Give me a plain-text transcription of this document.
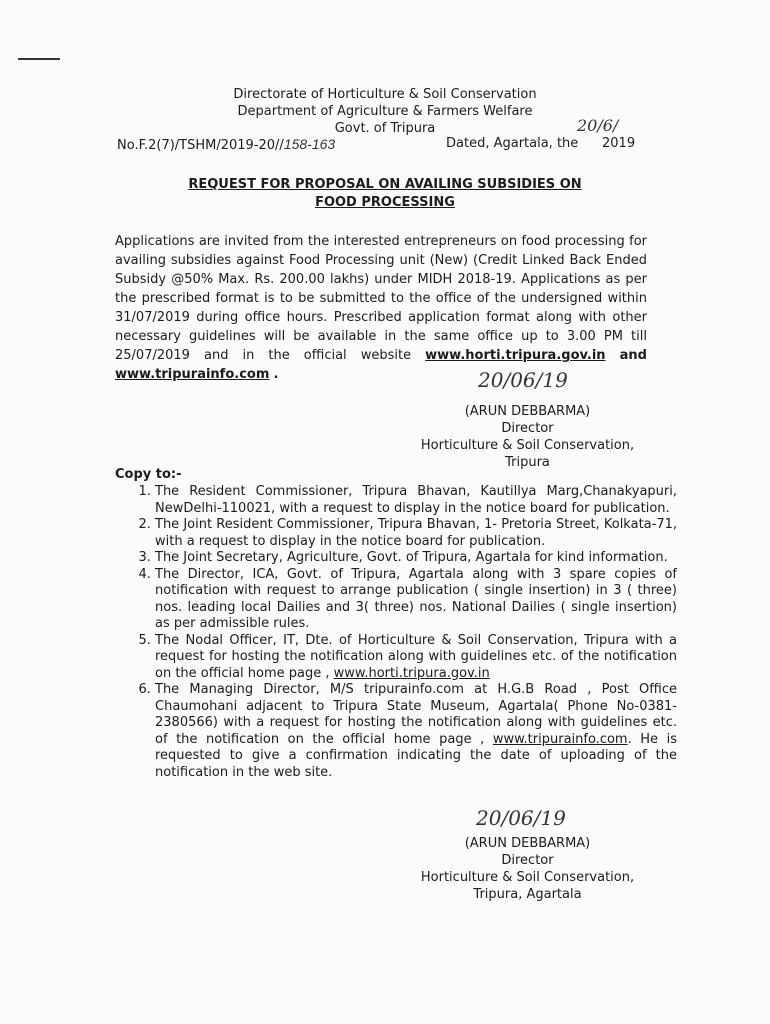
Directorate of Horticulture & Soil Conservation
Department of Agriculture & Farmers Welfare
Govt. of Tripura
No.F.2(7)/TSHM/2019-20//158-163	Dated, Agartala, the
20/6/
2019
REQUEST FOR PROPOSAL ON AVAILING SUBSIDIES ON
FOOD PROCESSING
Applications are invited from the interested entrepreneurs on food processing for availing subsidies against Food Processing unit (New) (Credit Linked Back Ended Subsidy @50% Max. Rs. 200.00 lakhs) under MIDH 2018-19. Applications as per the prescribed format is to be submitted to the office of the undersigned within 31/07/2019 during office hours. Prescribed application format along with other necessary guidelines will be available in the same office up to 3.00 PM till 25/07/2019 and in the official website www.horti.tripura.gov.in and www.tripurainfo.com .	20/06/19
(ARUN DEBBARMA)
Director
Horticulture & Soil Conservation,
Tripura
Copy to:-
1. The Resident Commissioner, Tripura Bhavan, Kautillya Marg,Chanakyapuri, NewDelhi-110021, with a request to display in the notice board for publication.
2. The Joint Resident Commissioner, Tripura Bhavan, 1- Pretoria Street, Kolkata-71, with a request to display in the notice board for publication.
3. The Joint Secretary, Agriculture, Govt. of Tripura, Agartala for kind information.
4. The Director, ICA, Govt. of Tripura, Agartala along with 3 spare copies of notification with request to arrange publication ( single insertion) in 3 ( three) nos. leading local Dailies and 3( three) nos. National Dailies ( single insertion) as per admissible rules.
5. The Nodal Officer, IT, Dte. of Horticulture & Soil Conservation, Tripura with a request for hosting the notification along with guidelines etc. of the notification on the official home page , www.horti.tripura.gov.in
6. The Managing Director, M/S tripurainfo.com at H.G.B Road , Post Office Chaumohani adjacent to Tripura State Museum, Agartala( Phone No-0381-2380566) with a request for hosting the notification along with guidelines etc. of the notification on the official home page , www.tripurainfo.com. He is requested to give a confirmation indicating the date of uploading of the notification in the web site.
20/06/19
(ARUN DEBBARMA)
Director
Horticulture & Soil Conservation,
Tripura, Agartala
